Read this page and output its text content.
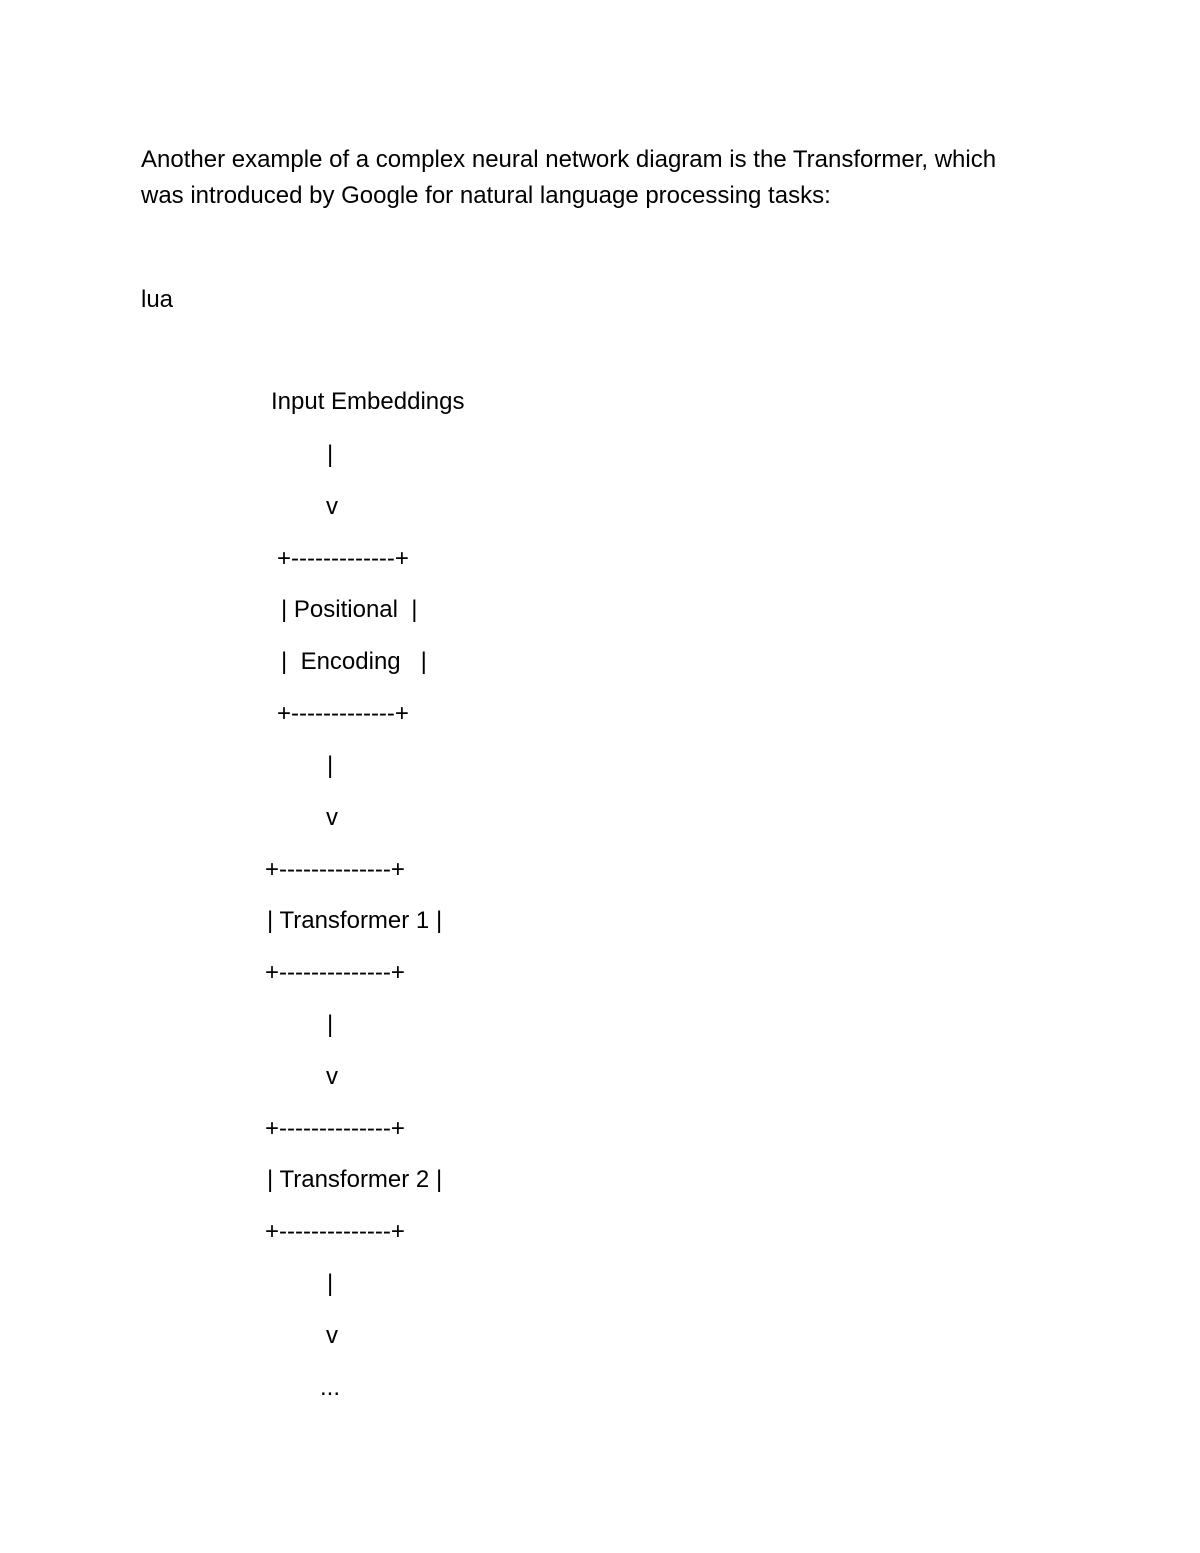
Another example of a complex neural network diagram is the Transformer, which
was introduced by Google for natural language processing tasks:

lua

Input Embeddings
|
v
+-------------+
| Positional  |
|  Encoding   |
+-------------+
|
v
+--------------+
| Transformer 1 |
+--------------+
|
v
+--------------+
| Transformer 2 |
+--------------+
|
v
...
